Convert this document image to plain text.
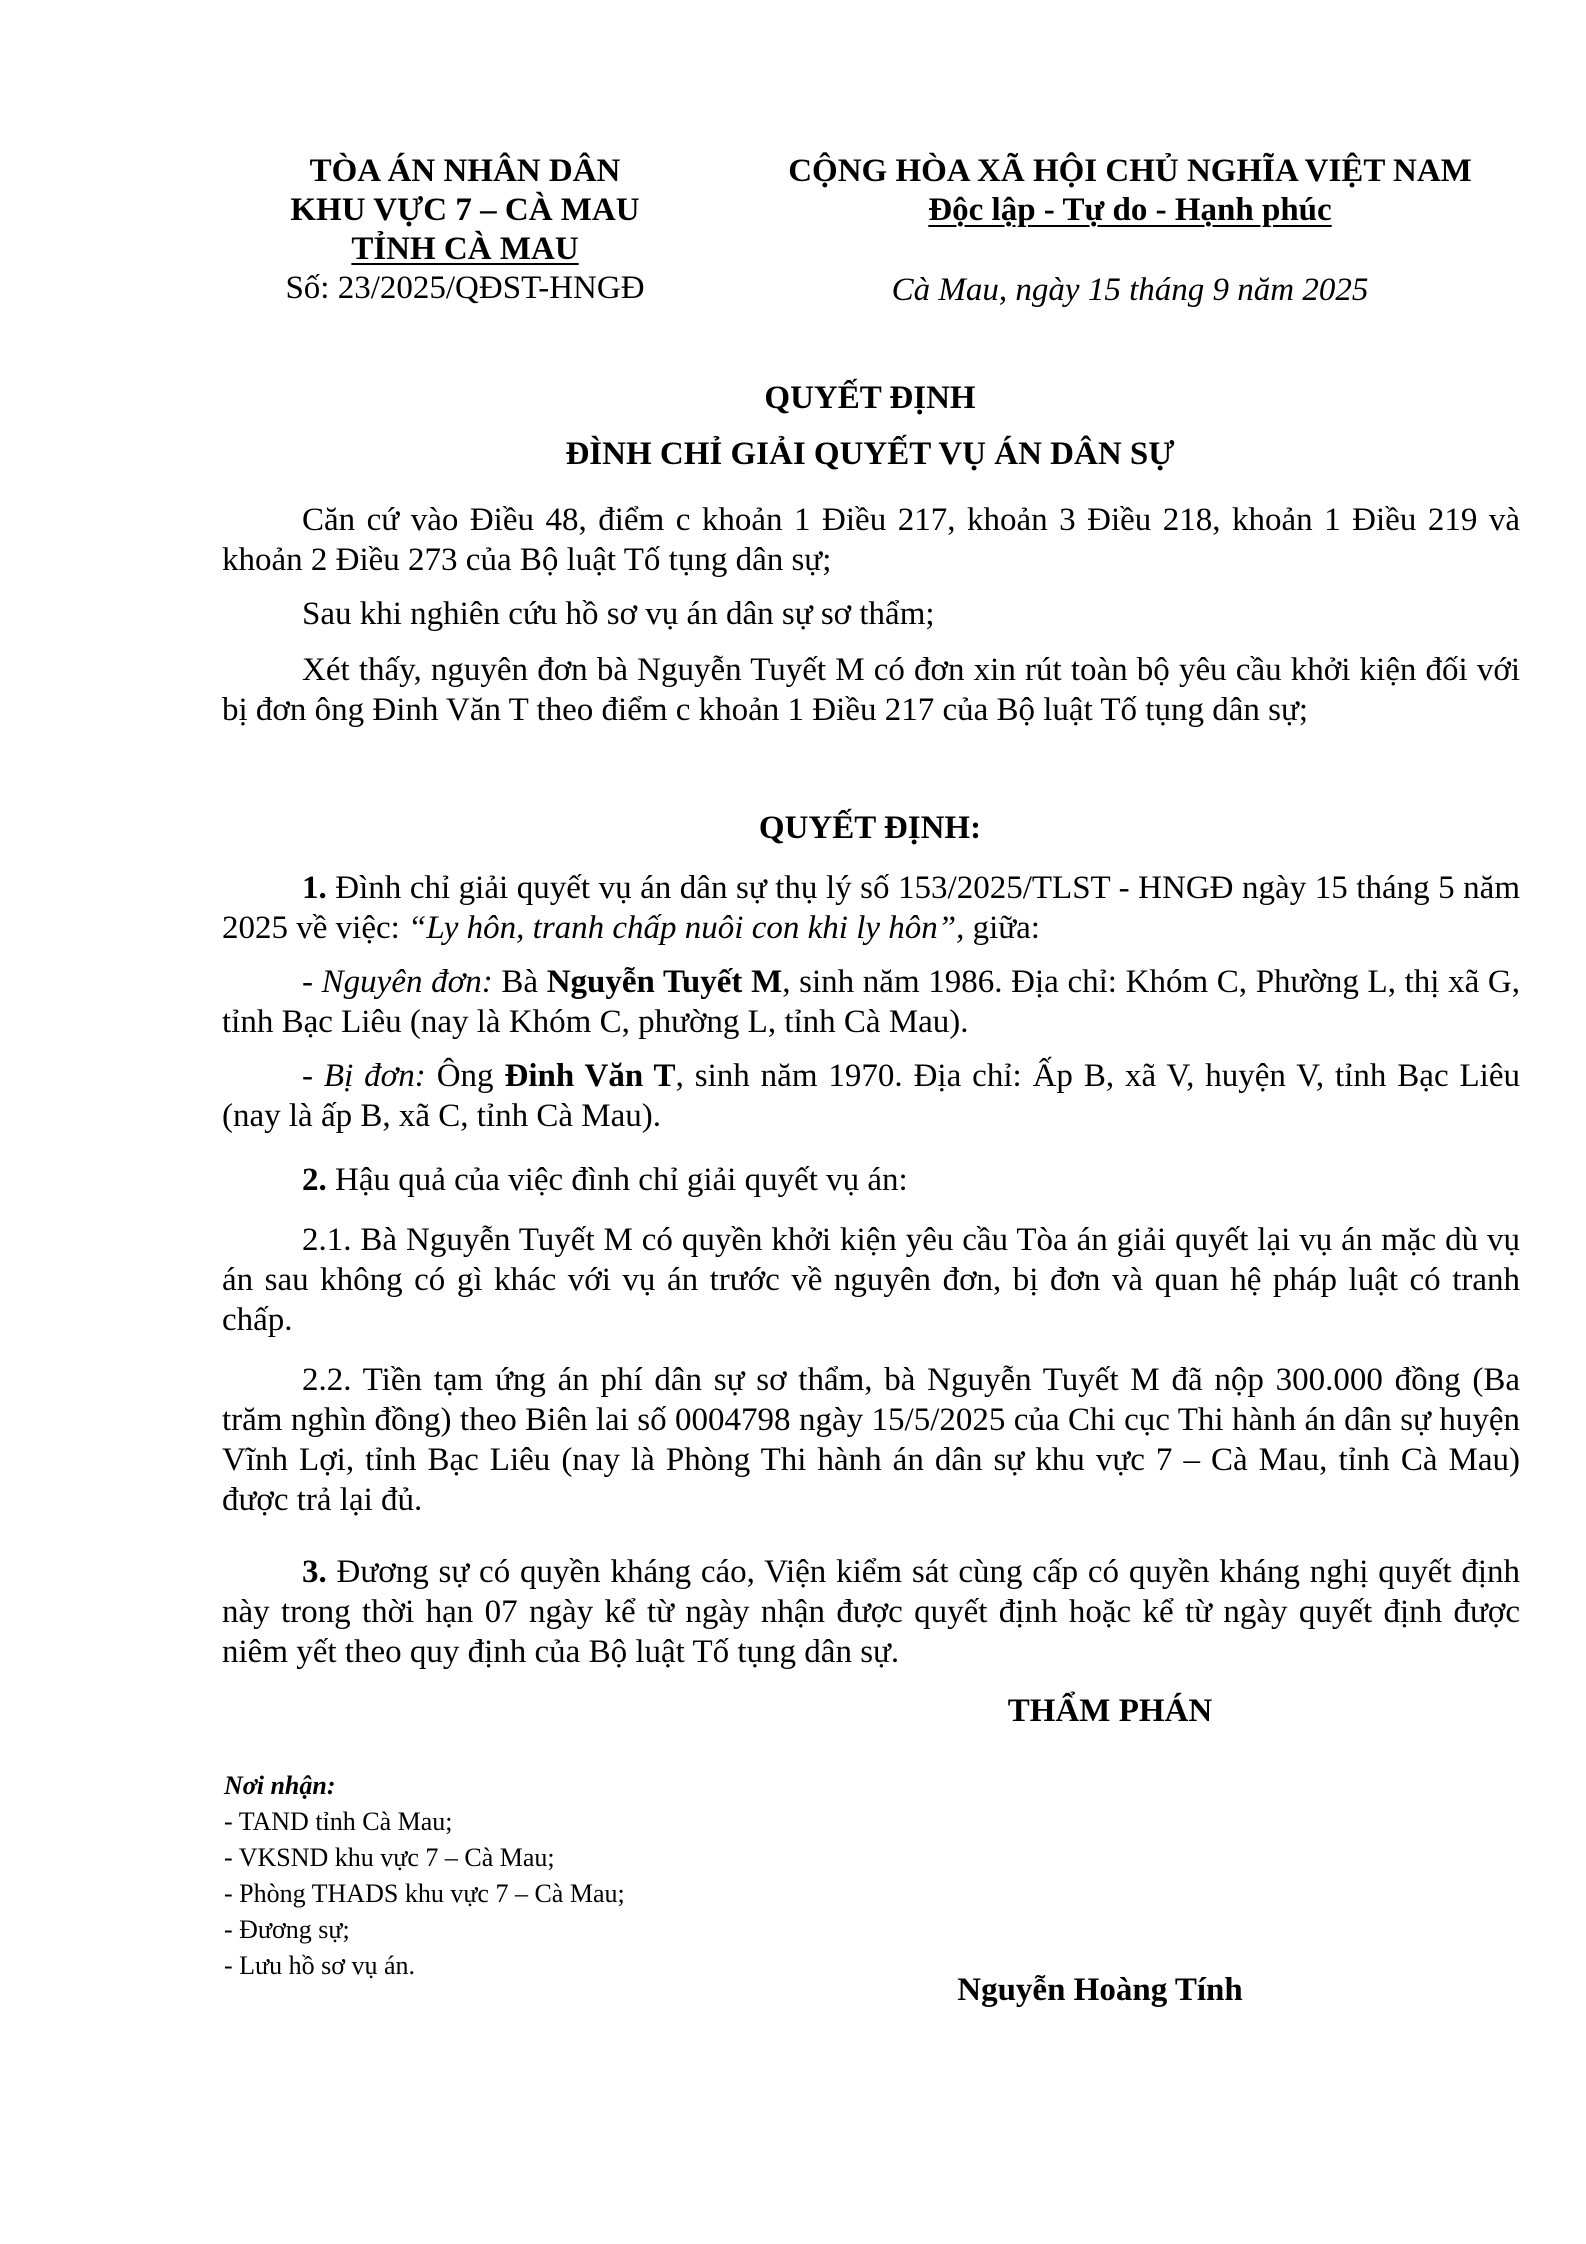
TÒA ÁN NHÂN DÂN
KHU VỰC 7 – CÀ MAU
TỈNH CÀ MAU
Số: 23/2025/QĐST-HNGĐ
CỘNG HÒA XÃ HỘI CHỦ NGHĨA VIỆT NAM
Độc lập - Tự do - Hạnh phúc
Cà Mau, ngày 15 tháng 9 năm 2025
QUYẾT ĐỊNH
ĐÌNH CHỈ GIẢI QUYẾT VỤ ÁN DÂN SỰ
Căn cứ vào Điều 48, điểm c khoản 1 Điều 217, khoản 3 Điều 218, khoản 1 Điều 219 và khoản 2 Điều 273 của Bộ luật Tố tụng dân sự;
Sau khi nghiên cứu hồ sơ vụ án dân sự sơ thẩm;
Xét thấy, nguyên đơn bà Nguyễn Tuyết M có đơn xin rút toàn bộ yêu cầu khởi kiện đối với bị đơn ông Đinh Văn T theo điểm c khoản 1 Điều 217 của Bộ luật Tố tụng dân sự;
QUYẾT ĐỊNH:
1. Đình chỉ giải quyết vụ án dân sự thụ lý số 153/2025/TLST - HNGĐ ngày 15 tháng 5 năm 2025 về việc: “Ly hôn, tranh chấp nuôi con khi ly hôn”, giữa:
- Nguyên đơn: Bà Nguyễn Tuyết M, sinh năm 1986. Địa chỉ: Khóm C, Phường L, thị xã G, tỉnh Bạc Liêu (nay là Khóm C, phường L, tỉnh Cà Mau).
- Bị đơn: Ông Đinh Văn T, sinh năm 1970. Địa chỉ: Ấp B, xã V, huyện V, tỉnh Bạc Liêu (nay là ấp B, xã C, tỉnh Cà Mau).
2. Hậu quả của việc đình chỉ giải quyết vụ án:
2.1. Bà Nguyễn Tuyết M có quyền khởi kiện yêu cầu Tòa án giải quyết lại vụ án mặc dù vụ án sau không có gì khác với vụ án trước về nguyên đơn, bị đơn và quan hệ pháp luật có tranh chấp.
2.2. Tiền tạm ứng án phí dân sự sơ thẩm, bà Nguyễn Tuyết M đã nộp 300.000 đồng (Ba trăm nghìn đồng) theo Biên lai số 0004798 ngày 15/5/2025 của Chi cục Thi hành án dân sự huyện Vĩnh Lợi, tỉnh Bạc Liêu (nay là Phòng Thi hành án dân sự khu vực 7 – Cà Mau, tỉnh Cà Mau) được trả lại đủ.
3. Đương sự có quyền kháng cáo, Viện kiểm sát cùng cấp có quyền kháng nghị quyết định này trong thời hạn 07 ngày kể từ ngày nhận được quyết định hoặc kể từ ngày quyết định được niêm yết theo quy định của Bộ luật Tố tụng dân sự.
THẨM PHÁN
Nơi nhận:
- TAND tỉnh Cà Mau;
- VKSND khu vực 7 – Cà Mau;
- Phòng THADS khu vực 7 – Cà Mau;
- Đương sự;
- Lưu hồ sơ vụ án.
Nguyễn Hoàng Tính
